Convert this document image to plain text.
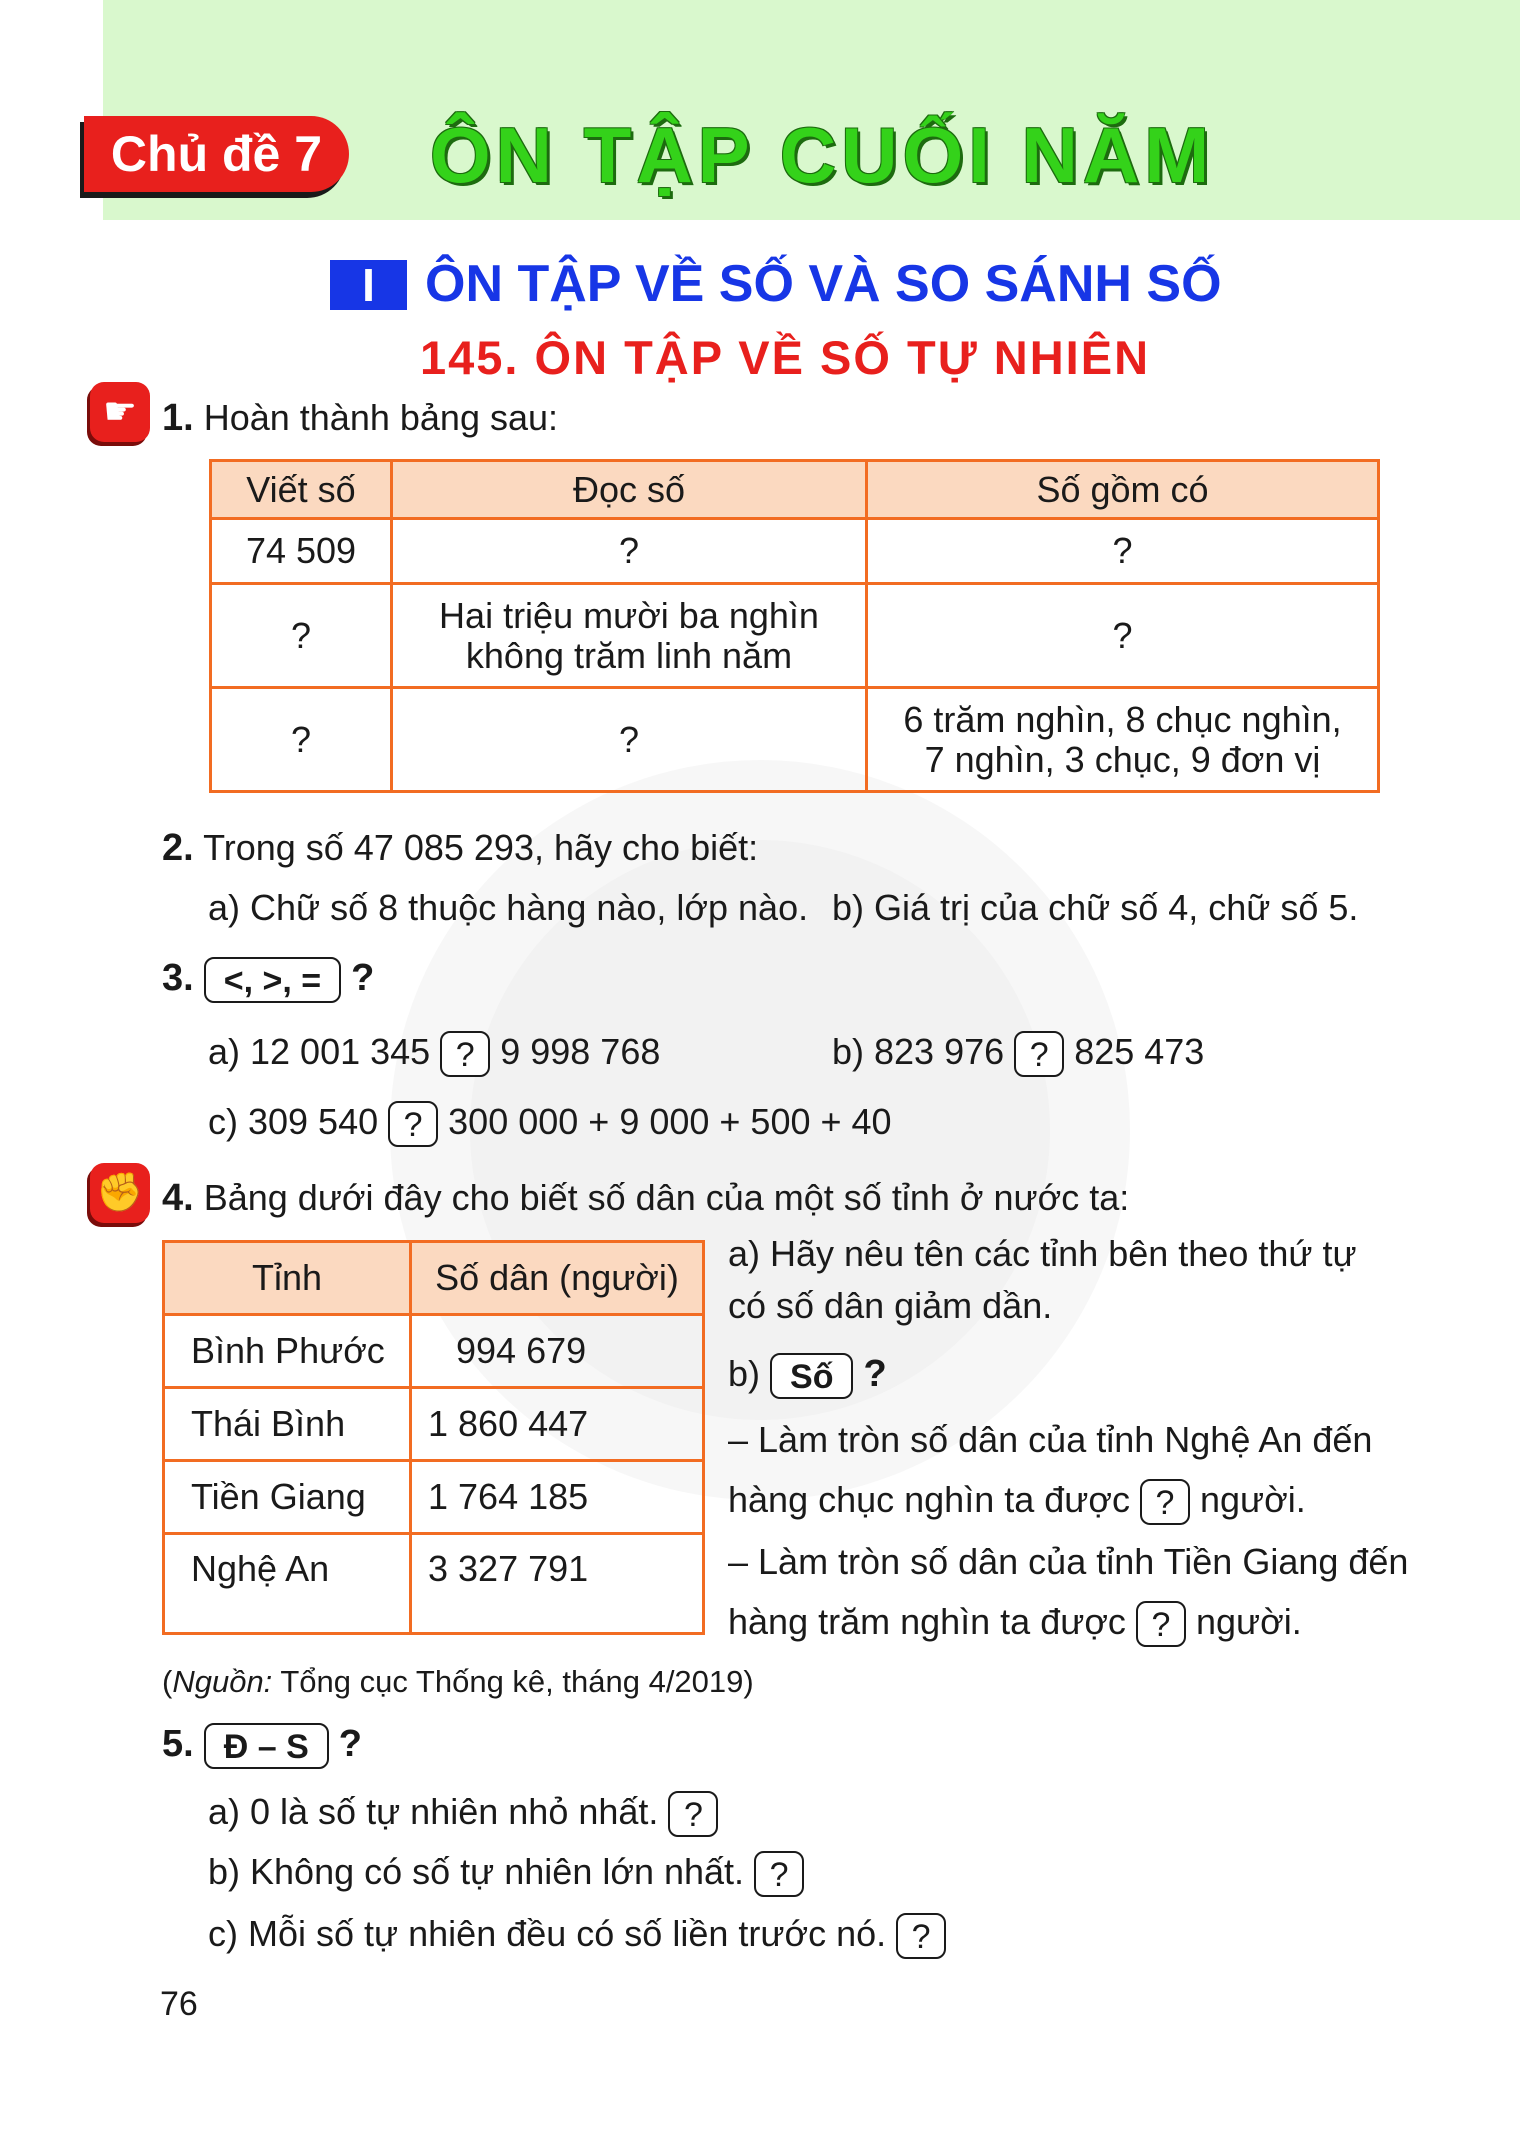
Chủ đề 7	ÔN TẬP CUỐI NĂM
I ÔN TẬP VỀ SỐ VÀ SO SÁNH SỐ
145. ÔN TẬP VỀ SỐ TỰ NHIÊN
☛ 1. Hoàn thành bảng sau:
Viết số	Đọc số	Số gồm có
74 509	?	?
?	Hai triệu mười ba nghìn
không trăm linh năm	?
?	?	6 trăm nghìn, 8 chục nghìn,
7 nghìn, 3 chục, 9 đơn vị
2. Trong số 47 085 293, hãy cho biết:
a) Chữ số 8 thuộc hàng nào, lớp nào. b) Giá trị của chữ số 4, chữ số 5.
3. <, >, = ?
a) 12 001 345 ? 9 998 768	b) 823 976 ? 825 473
c) 309 540 ? 300 000 + 9 000 + 500 + 40
✊ 4. Bảng dưới đây cho biết số dân của một số tỉnh ở nước ta:
Tỉnh	Số dân (người)
Bình Phước	994 679
Thái Bình	1 860 447
Tiền Giang	1 764 185
Nghệ An	3 327 791
a) Hãy nêu tên các tỉnh bên theo thứ tự
có số dân giảm dần.
b) Số ?
– Làm tròn số dân của tỉnh Nghệ An đến
hàng chục nghìn ta được ? người.
– Làm tròn số dân của tỉnh Tiền Giang đến
hàng trăm nghìn ta được ? người.
(Nguồn: Tổng cục Thống kê, tháng 4/2019)
5. Đ – S ?
a) 0 là số tự nhiên nhỏ nhất. ?
b) Không có số tự nhiên lớn nhất. ?
c) Mỗi số tự nhiên đều có số liền trước nó. ?
76
